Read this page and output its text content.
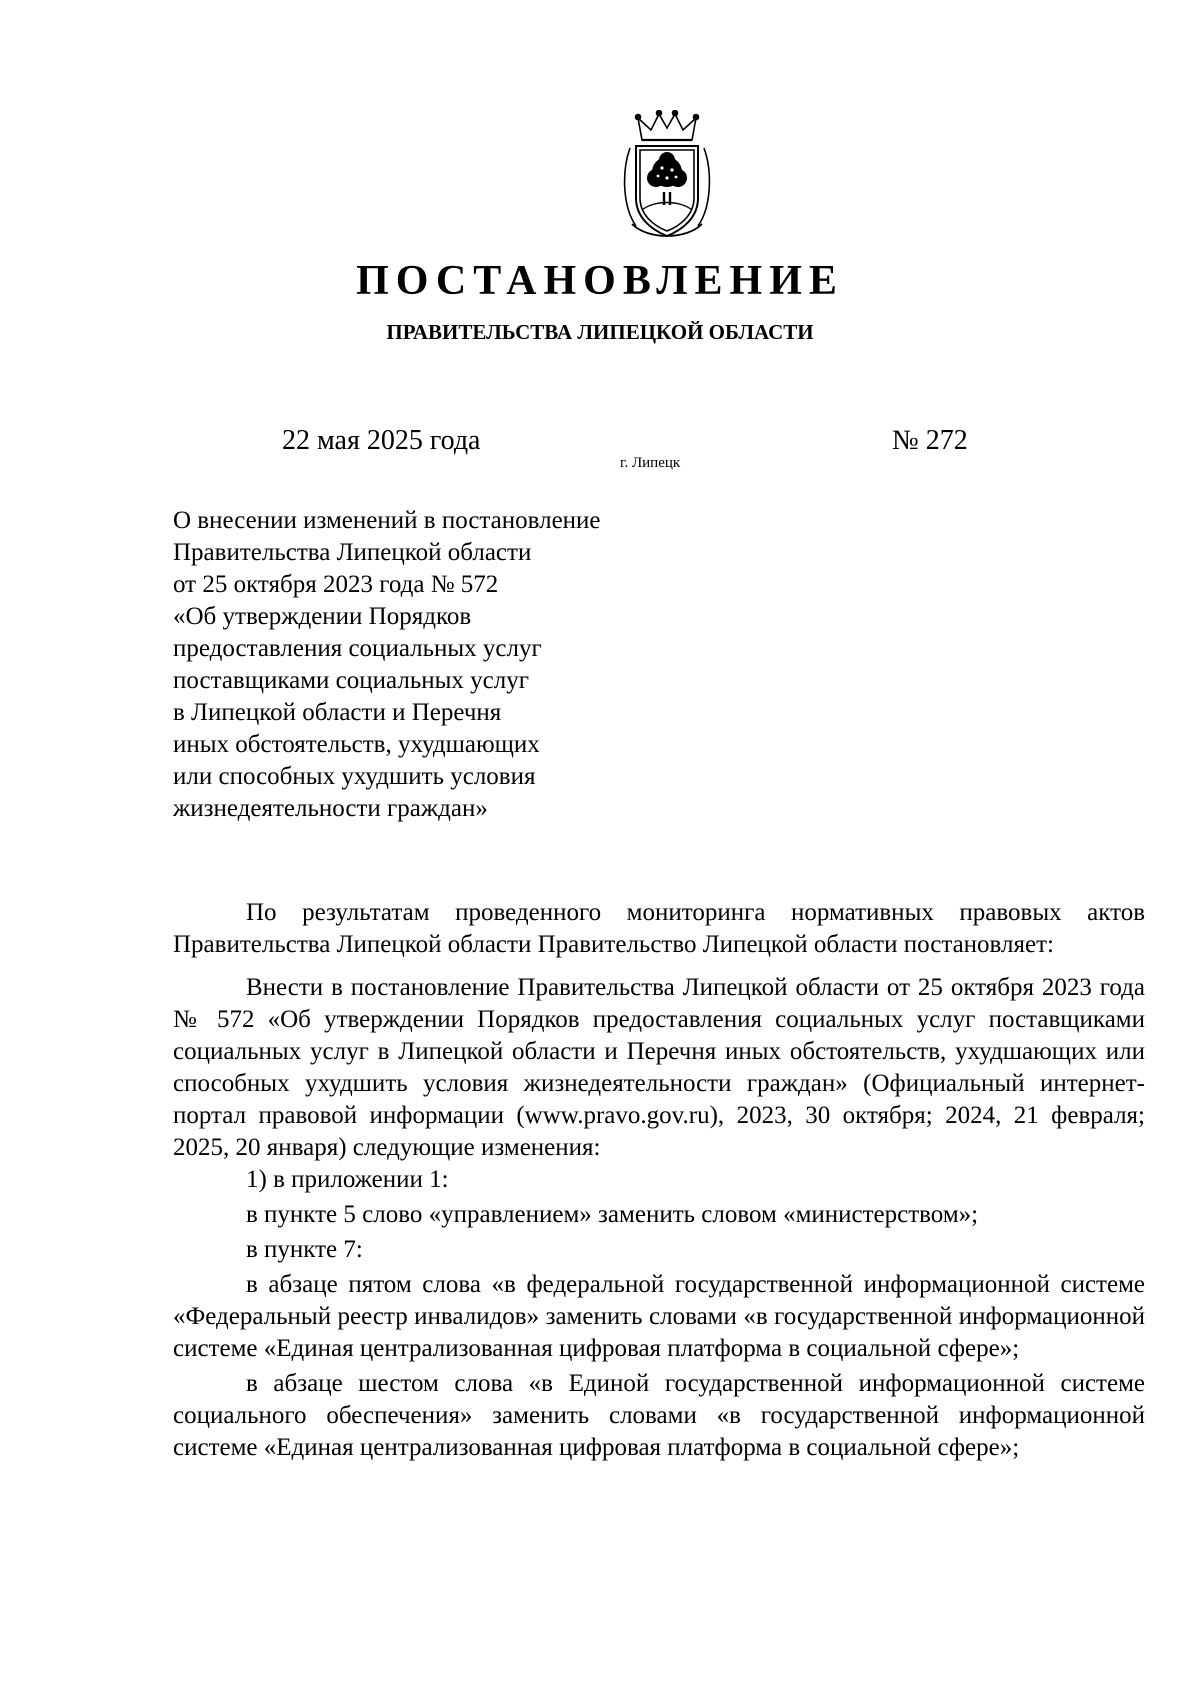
ПОСТАНОВЛЕНИЕ
ПРАВИТЕЛЬСТВА ЛИПЕЦКОЙ ОБЛАСТИ
22 мая 2025 года
г. Липецк
№ 272
О внесении изменений в постановление
Правительства Липецкой области
от 25 октября 2023 года № 572
«Об утверждении Порядков
предоставления социальных услуг
поставщиками социальных услуг
в Липецкой области и Перечня
иных обстоятельств, ухудшающих
или способных ухудшить условия
жизнедеятельности граждан»

По результатам проведенного мониторинга нормативных правовых актов Правительства Липецкой области Правительство Липецкой области постановляет:

Внести в постановление Правительства Липецкой области от 25 октября 2023 года № 572 «Об утверждении Порядков предоставления социальных услуг поставщиками социальных услуг в Липецкой области и Перечня иных обстоятельств, ухудшающих или способных ухудшить условия жизнедеятельности граждан» (Официальный интернет-портал правовой информации (www.pravo.gov.ru), 2023, 30 октября; 2024, 21 февраля; 2025, 20 января) следующие изменения:

1) в приложении 1:

в пункте 5 слово «управлением» заменить словом «министерством»;

в пункте 7:

в абзаце пятом слова «в федеральной государственной информационной системе «Федеральный реестр инвалидов» заменить словами «в государственной информационной системе «Единая централизованная цифровая платформа в социальной сфере»;

в абзаце шестом слова «в Единой государственной информационной системе социального обеспечения» заменить словами «в государственной информационной системе «Единая централизованная цифровая платформа в социальной сфере»;
